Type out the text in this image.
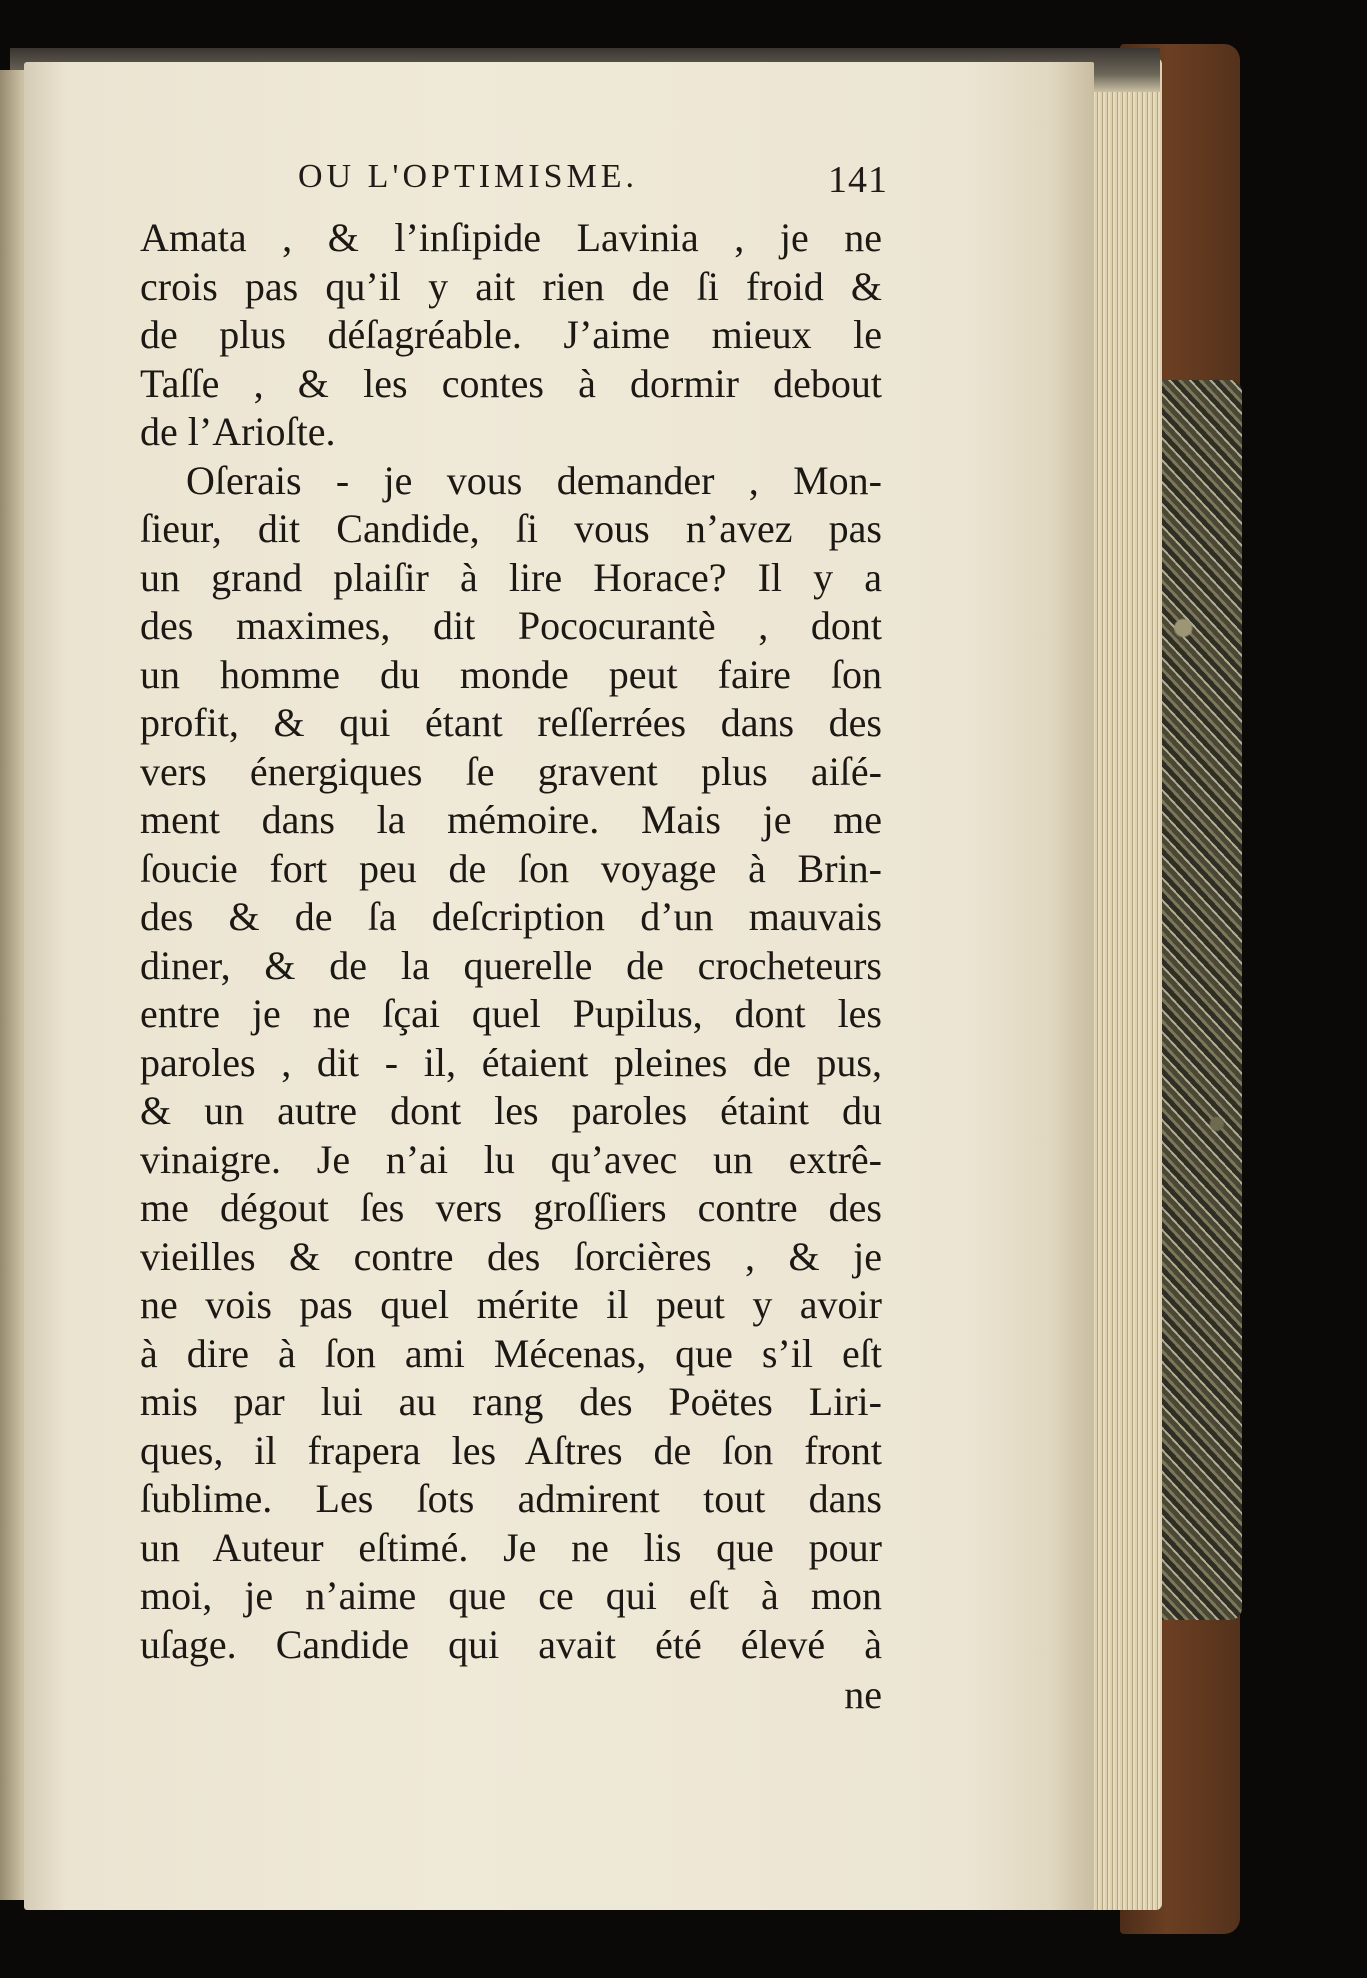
OU L'OPTIMISME.	141
Amata , & l’inſipide Lavinia , je ne
crois pas qu’il y ait rien de ſi froid &
de plus déſagréable. J’aime mieux le
Taſſe , & les contes à dormir debout
de l’Arioſte.
Oſerais - je vous demander , Mon-
ſieur, dit Candide, ſi vous n’avez pas
un grand plaiſir à lire Horace? Il y a
des maximes, dit Pococurantè , dont
un homme du monde peut faire ſon
profit, & qui étant reſſerrées dans des
vers énergiques ſe gravent plus aiſé-
ment dans la mémoire. Mais je me
ſoucie fort peu de ſon voyage à Brin-
des & de ſa deſcription d’un mauvais
diner, & de la querelle de crocheteurs
entre je ne ſçai quel Pupilus, dont les
paroles , dit - il, étaient pleines de pus,
& un autre dont les paroles étaint du
vinaigre. Je n’ai lu qu’avec un extrê-
me dégout ſes vers groſſiers contre des
vieilles & contre des ſorcières , & je
ne vois pas quel mérite il peut y avoir
à dire à ſon ami Mécenas, que s’il eſt
mis par lui au rang des Poëtes Liri-
ques, il frapera les Aſtres de ſon front
ſublime. Les ſots admirent tout dans
un Auteur eſtimé. Je ne lis que pour
moi, je n’aime que ce qui eſt à mon
uſage. Candide qui avait été élevé à
ne
